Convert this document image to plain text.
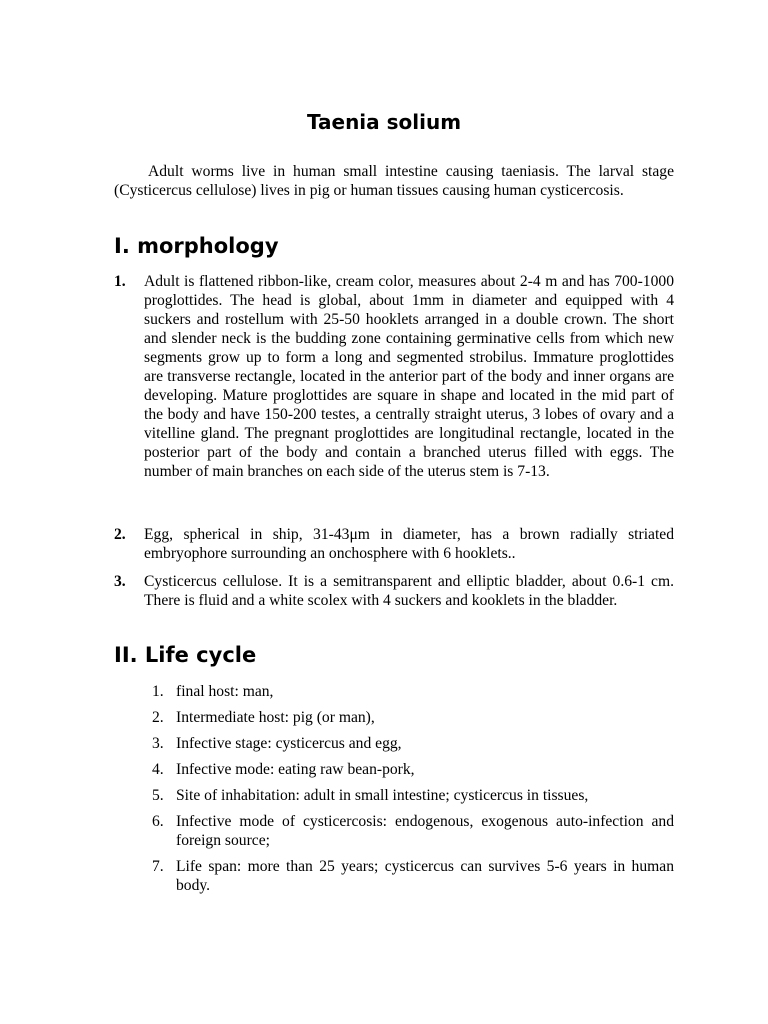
Taenia solium

Adult worms live in human small intestine causing taeniasis. The larval stage (Cysticercus cellulose) lives in pig or human tissues causing human cysticercosis.

I. morphology
1. Adult is flattened ribbon-like, cream color, measures about 2-4 m and has 700-1000 proglottides. The head is global, about 1mm in diameter and equipped with 4 suckers and rostellum with 25-50 hooklets arranged in a double crown. The short and slender neck is the budding zone containing germinative cells from which new segments grow up to form a long and segmented strobilus. Immature proglottides are transverse rectangle, located in the anterior part of the body and inner organs are developing. Mature proglottides are square in shape and located in the mid part of the body and have 150-200 testes, a centrally straight uterus, 3 lobes of ovary and a vitelline gland. The pregnant proglottides are longitudinal rectangle, located in the posterior part of the body and contain a branched uterus filled with eggs. The number of main branches on each side of the uterus stem is 7-13.
2. Egg, spherical in ship, 31-43μm in diameter, has a brown radially striated embryophore surrounding an onchosphere with 6 hooklets..
3. Cysticercus cellulose. It is a semitransparent and elliptic bladder, about 0.6-1 cm. There is fluid and a white scolex with 4 suckers and kooklets in the bladder.
II. Life cycle
1. final host: man,
2. Intermediate host: pig (or man),
3. Infective stage: cysticercus and egg,
4. Infective mode: eating raw bean-pork,
5. Site of inhabitation: adult in small intestine; cysticercus in tissues,
6. Infective mode of cysticercosis: endogenous, exogenous auto-infection and foreign source;
7. Life span: more than 25 years; cysticercus can survives 5-6 years in human body.
